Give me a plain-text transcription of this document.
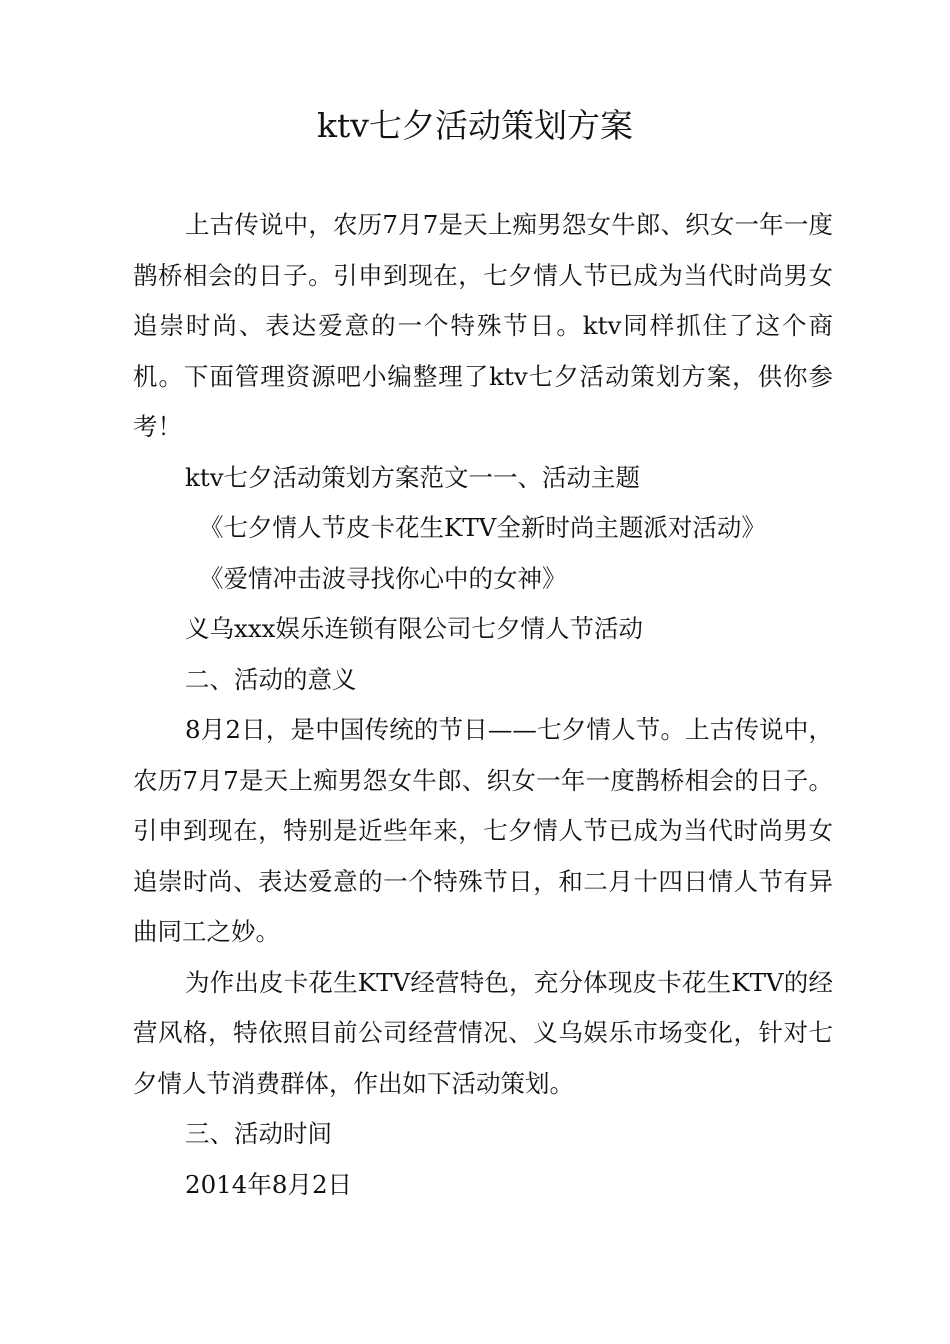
ktv七夕活动策划方案

上古传说中，农历7月7是天上痴男怨女牛郎、织女一年一度鹊桥相会的日子。引申到现在，七夕情人节已成为当代时尚男女追崇时尚、表达爱意的一个特殊节日。ktv同样抓住了这个商机。下面管理资源吧小编整理了ktv七夕活动策划方案，供你参考！

ktv七夕活动策划方案范文一一、活动主题

《七夕情人节皮卡花生KTV全新时尚主题派对活动》

《爱情冲击波寻找你心中的女神》

义乌xxx娱乐连锁有限公司七夕情人节活动

二、活动的意义

8月2日，是中国传统的节日——七夕情人节。上古传说中，农历7月7是天上痴男怨女牛郎、织女一年一度鹊桥相会的日子。引申到现在，特别是近些年来，七夕情人节已成为当代时尚男女追崇时尚、表达爱意的一个特殊节日，和二月十四日情人节有异曲同工之妙。

为作出皮卡花生KTV经营特色，充分体现皮卡花生KTV的经营风格，特依照目前公司经营情况、义乌娱乐市场变化，针对七夕情人节消费群体，作出如下活动策划。

三、活动时间

2014年8月2日
